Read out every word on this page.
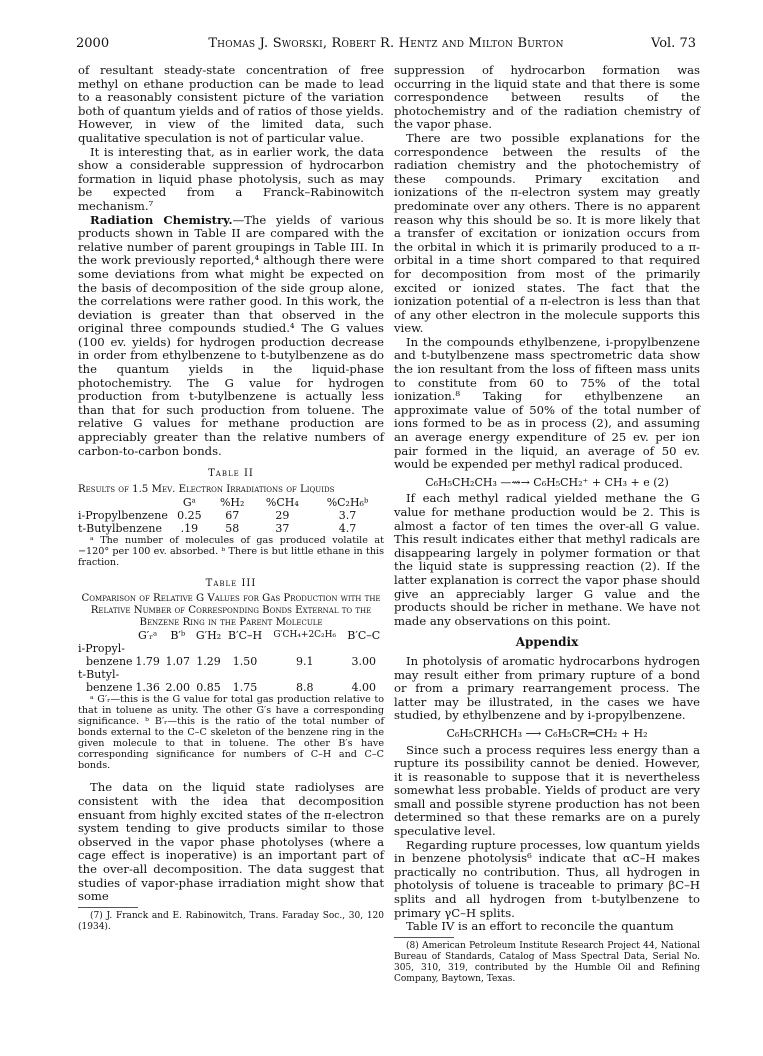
2000	Thomas J. Sworski, Robert R. Hentz and Milton Burton	Vol. 73

of resultant steady-state concentration of free methyl on ethane production can be made to lead to a reasonably consistent picture of the variation both of quantum yields and of ratios of those yields. However, in view of the limited data, such qualitative speculation is not of particular value.

It is interesting that, as in earlier work, the data show a considerable suppression of hydrocarbon formation in liquid phase photolysis, such as may be expected from a Franck–Rabinowitch mechanism.⁷

Radiation Chemistry.—The yields of various products shown in Table II are compared with the relative number of parent groupings in Table III. In the work previously reported,⁴ although there were some deviations from what might be expected on the basis of decomposition of the side group alone, the correlations were rather good. In this work, the deviation is greater than that observed in the original three compounds studied.⁴ The G values (100 ev. yields) for hydrogen production decrease in order from ethylbenzene to t-butylbenzene as do the quantum yields in the liquid-phase photochemistry. The G value for hydrogen production from t-butylbenzene is actually less than that for such production from toluene. The relative G values for methane production are appreciably greater than the relative numbers of carbon-to-carbon bonds.

Table II
Results of 1.5 Mev. Electron Irradiations of Liquids
	Gᵃ	%H₂	%CH₄	%C₂H₆ᵇ
i-Propylbenzene	0.25	67	29	3.7
t-Butylbenzene	.19	58	37	4.7

ᵃ The number of molecules of gas produced volatile at −120° per 100 ev. absorbed. ᵇ There is but little ethane in this fraction.

Table III
Comparison of Relative G Values for Gas Production with the Relative Number of Corresponding Bonds External to the Benzene Ring in the Parent Molecule
	G′ᵣᵃ	B′ᵇ	G′H₂	B′C–H	G′CH₄+2C₂H₆	B′C–C
i-Propyl-						
benzene	1.79	1.07	1.29	1.50	9.1	3.00
t-Butyl-						
benzene	1.36	2.00	0.85	1.75	8.8	4.00

ᵃ G′ᵣ—this is the G value for total gas production relative to that in toluene as unity. The other G′s have a corresponding significance. ᵇ B′ᵣ—this is the ratio of the total number of bonds external to the C–C skeleton of the benzene ring in the given molecule to that in toluene. The other B′s have corresponding significance for numbers of C–H and C–C bonds.

The data on the liquid state radiolyses are consistent with the idea that decomposition ensuant from highly excited states of the π-electron system tending to give products similar to those observed in the vapor phase photolyses (where a cage effect is inoperative) is an important part of the over-all decomposition. The data suggest that studies of vapor-phase irradiation might show that some

(7) J. Franck and E. Rabinowitch, Trans. Faraday Soc., 30, 120 (1934).

suppression of hydrocarbon formation was occurring in the liquid state and that there is some correspondence between results of the photochemistry and of the radiation chemistry of the vapor phase.

There are two possible explanations for the correspondence between the results of the radiation chemistry and the photochemistry of these compounds. Primary excitation and ionizations of the π-electron system may greatly predominate over any others. There is no apparent reason why this should be so. It is more likely that a transfer of excitation or ionization occurs from the orbital in which it is primarily produced to a π-orbital in a time short compared to that required for decomposition from most of the primarily excited or ionized states. The fact that the ionization potential of a π-electron is less than that of any other electron in the molecule supports this view.

In the compounds ethylbenzene, i-propylbenzene and t-butylbenzene mass spectrometric data show the ion resultant from the loss of fifteen mass units to constitute from 60 to 75% of the total ionization.⁸ Taking for ethylbenzene an approximate value of 50% of the total number of ions formed to be as in process (2), and assuming an average energy expenditure of 25 ev. per ion pair formed in the liquid, an average of 50 ev. would be expended per methyl radical produced.

C₆H₅CH₂CH₃ —⇝→ C₆H₅CH₂⁺ + CH₃ + e (2)

If each methyl radical yielded methane the G value for methane production would be 2. This is almost a factor of ten times the over-all G value. This result indicates either that methyl radicals are disappearing largely in polymer formation or that the liquid state is suppressing reaction (2). If the latter explanation is correct the vapor phase should give an appreciably larger G value and the products should be richer in methane. We have not made any observations on this point.

Appendix

In photolysis of aromatic hydrocarbons hydrogen may result either from primary rupture of a bond or from a primary rearrangement process. The latter may be illustrated, in the cases we have studied, by ethylbenzene and by i-propylbenzene.

C₆H₅CRHCH₃ ⟶ C₆H₅CR═CH₂ + H₂

Since such a process requires less energy than a rupture its possibility cannot be denied. However, it is reasonable to suppose that it is nevertheless somewhat less probable. Yields of product are very small and possible styrene production has not been determined so that these remarks are on a purely speculative level.

Regarding rupture processes, low quantum yields in benzene photolysis⁶ indicate that αC–H makes practically no contribution. Thus, all hydrogen in photolysis of toluene is traceable to primary βC–H splits and all hydrogen from t-butylbenzene to primary γC–H splits.

Table IV is an effort to reconcile the quantum

(8) American Petroleum Institute Research Project 44, National Bureau of Standards, Catalog of Mass Spectral Data, Serial No. 305, 310, 319, contributed by the Humble Oil and Refining Company, Baytown, Texas.
